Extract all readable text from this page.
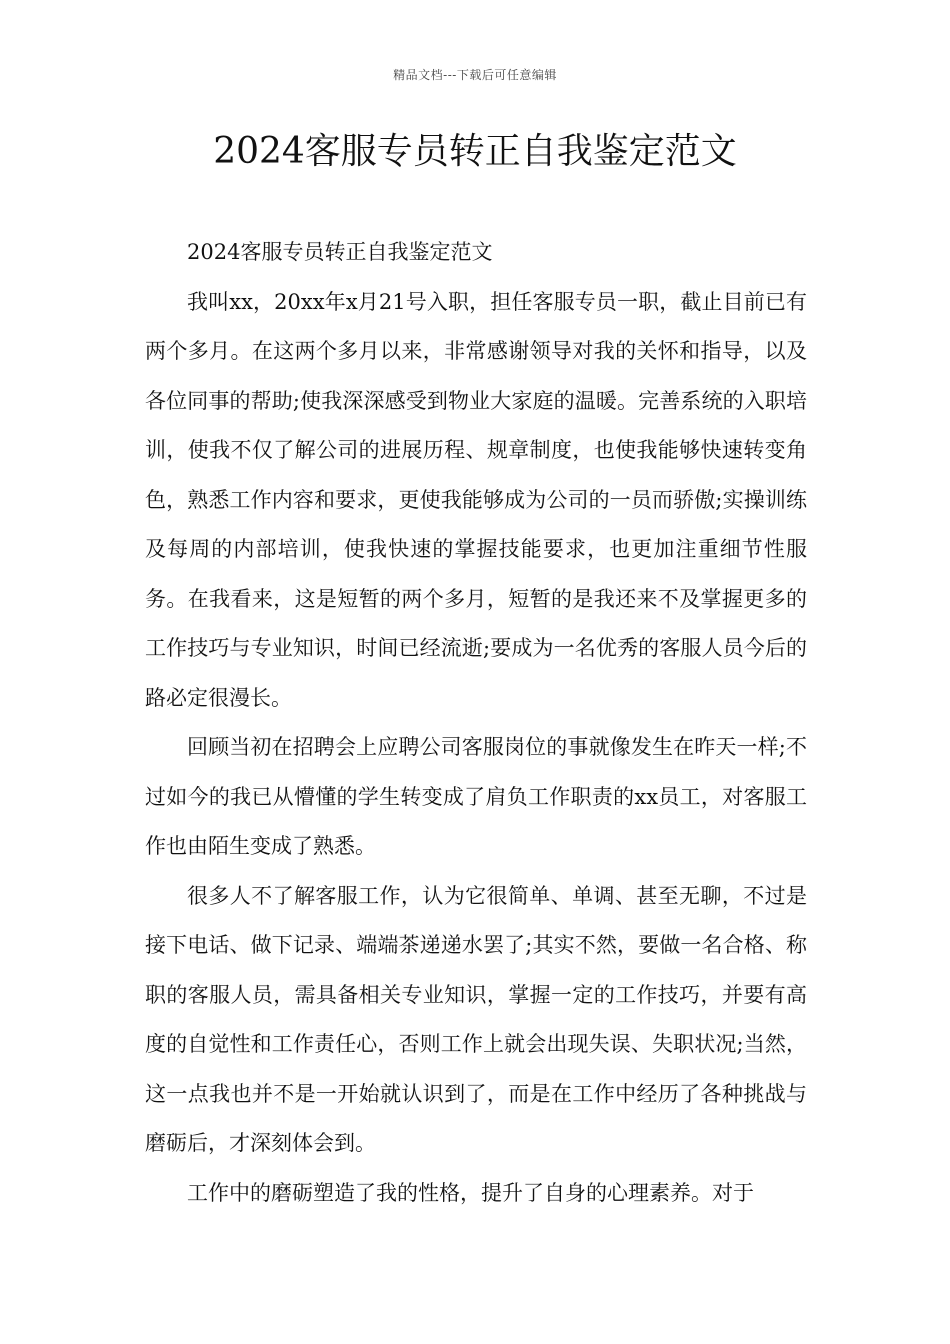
精品文档---下载后可任意编辑
2024客服专员转正自我鉴定范文

2024客服专员转正自我鉴定范文

我叫xx，20xx年x月21号入职，担任客服专员一职，截止目前已有两个多月。在这两个多月以来，非常感谢领导对我的关怀和指导，以及各位同事的帮助;使我深深感受到物业大家庭的温暖。完善系统的入职培训，使我不仅了解公司的进展历程、规章制度，也使我能够快速转变角色，熟悉工作内容和要求，更使我能够成为公司的一员而骄傲;实操训练及每周的内部培训，使我快速的掌握技能要求，也更加注重细节性服务。在我看来，这是短暂的两个多月，短暂的是我还来不及掌握更多的工作技巧与专业知识，时间已经流逝;要成为一名优秀的客服人员今后的路必定很漫长。

回顾当初在招聘会上应聘公司客服岗位的事就像发生在昨天一样;不过如今的我已从懵懂的学生转变成了肩负工作职责的xx员工，对客服工作也由陌生变成了熟悉。

很多人不了解客服工作，认为它很简单、单调、甚至无聊，不过是接下电话、做下记录、端端茶递递水罢了;其实不然，要做一名合格、称职的客服人员，需具备相关专业知识，掌握一定的工作技巧，并要有高度的自觉性和工作责任心，否则工作上就会出现失误、失职状况;当然，这一点我也并不是一开始就认识到了，而是在工作中经历了各种挑战与磨砺后，才深刻体会到。

工作中的磨砺塑造了我的性格，提升了自身的心理素养。对于
